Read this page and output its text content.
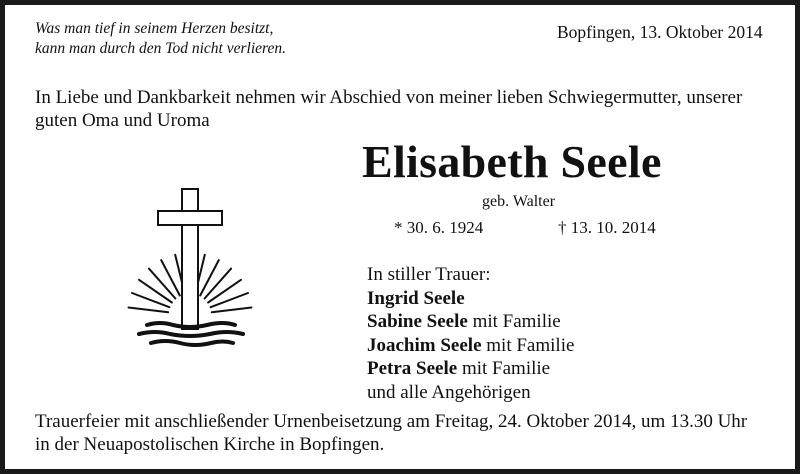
Was man tief in seinem Herzen besitzt,
kann man durch den Tod nicht verlieren.
Bopfingen, 13. Oktober 2014
In Liebe und Dankbarkeit nehmen wir Abschied von meiner lieben Schwiegermutter, unserer
guten Oma und Uroma
Elisabeth Seele
geb. Walter
* 30. 6. 1924	† 13. 10. 2014
In stiller Trauer:
Ingrid Seele
Sabine Seele mit Familie
Joachim Seele mit Familie
Petra Seele mit Familie
und alle Angehörigen
Trauerfeier mit anschließender Urnenbeisetzung am Freitag, 24. Oktober 2014, um 13.30 Uhr
in der Neuapostolischen Kirche in Bopfingen.
